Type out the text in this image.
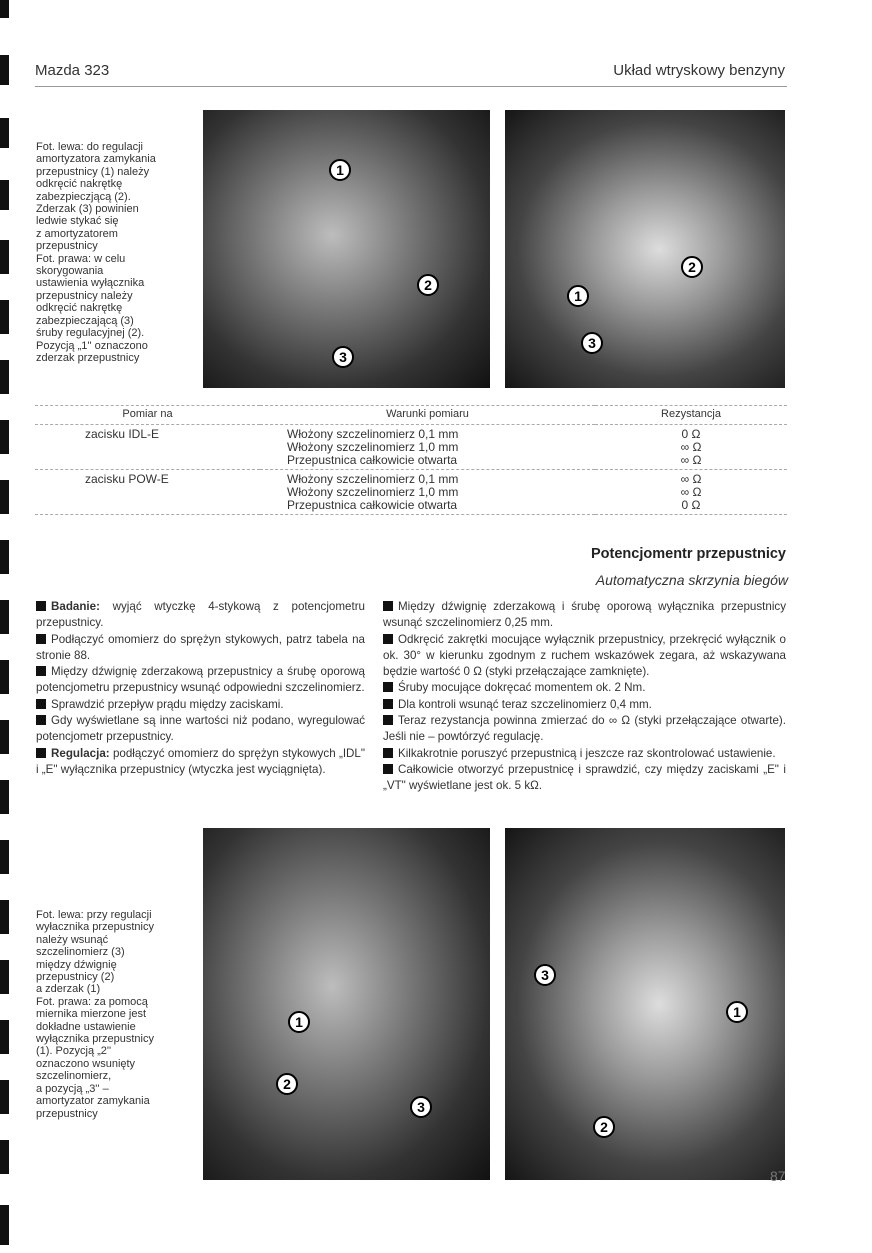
Mazda 323	Układ wtryskowy benzyny
Fot. lewa: do regulacji
amortyzatora zamykania
przepustnicy (1) należy
odkręcić nakrętkę
zabezpieczjącą (2).
Zderzak (3) powinien
ledwie stykać się
z amortyzatorem
przepustnicy
Fot. prawa: w celu
skorygowania
ustawienia wyłącznika
przepustnicy należy
odkręcić nakrętkę
zabezpieczającą (3)
śruby regulacyjnej (2).
Pozycją „1'' oznaczono
zderzak przepustnicy
1
2
3
2
1
3
Pomiar na	Warunki pomiaru	Rezystancja
zacisku IDL-E	Włożony szczelinomierz 0,1 mm	0 Ω
	Włożony szczelinomierz 1,0 mm	∞ Ω
	Przepustnica całkowicie otwarta	∞ Ω
zacisku POW-E	Włożony szczelinomierz 0,1 mm	∞ Ω
	Włożony szczelinomierz 1,0 mm	∞ Ω
	Przepustnica całkowicie otwarta	0 Ω
Potencjomentr przepustnicy
Automatyczna skrzynia biegów

Badanie: wyjąć wtyczkę 4-stykową z potencjometru przepustnicy.

Podłączyć omomierz do sprężyn stykowych, patrz tabela na stronie 88.

Między dźwignię zderzakową przepustnicy a śrubę oporową potencjometru przepustnicy wsunąć odpowiedni szczelinomierz.

Sprawdzić przepływ prądu między zaciskami.

Gdy wyświetlane są inne wartości niż podano, wyregulować potencjometr przepustnicy.

Regulacja: podłączyć omomierz do sprężyn stykowych „IDL" i „E" wyłącznika przepustnicy (wtyczka jest wyciągnięta).

Między dźwignię zderzakową i śrubę oporową wyłącznika przepustnicy wsunąć szczelinomierz 0,25 mm.

Odkręcić zakrętki mocujące wyłącznik przepustnicy, przekręcić wyłącznik o ok. 30° w kierunku zgodnym z ruchem wskazówek zegara, aż wskazywana będzie wartość 0 Ω (styki przełączające zamknięte).

Śruby mocujące dokręcać momentem ok. 2 Nm.

Dla kontroli wsunąć teraz szczelinomierz 0,4 mm.

Teraz rezystancja powinna zmierzać do ∞ Ω (styki przełączające otwarte). Jeśli nie – powtórzyć regulację.

Kilkakrotnie poruszyć przepustnicą i jeszcze raz skontrolować ustawienie.

Całkowicie otworzyć przepustnicę i sprawdzić, czy między zaciskami „E" i „VT" wyświetlane jest ok. 5 kΩ.

Fot. lewa: przy regulacji
wyłacznika przepustnicy
należy wsunąć
szczelinomierz (3)
między dźwignię
przepustnicy (2)
a zderzak (1)
Fot. prawa: za pomocą
miernika mierzone jest
dokładne ustawienie
wyłącznika przepustnicy
(1). Pozycją „2''
oznaczono wsunięty
szczelinomierz,
a pozycją „3'' –
amortyzator zamykania
przepustnicy
1
2
3
3
1
2
87
